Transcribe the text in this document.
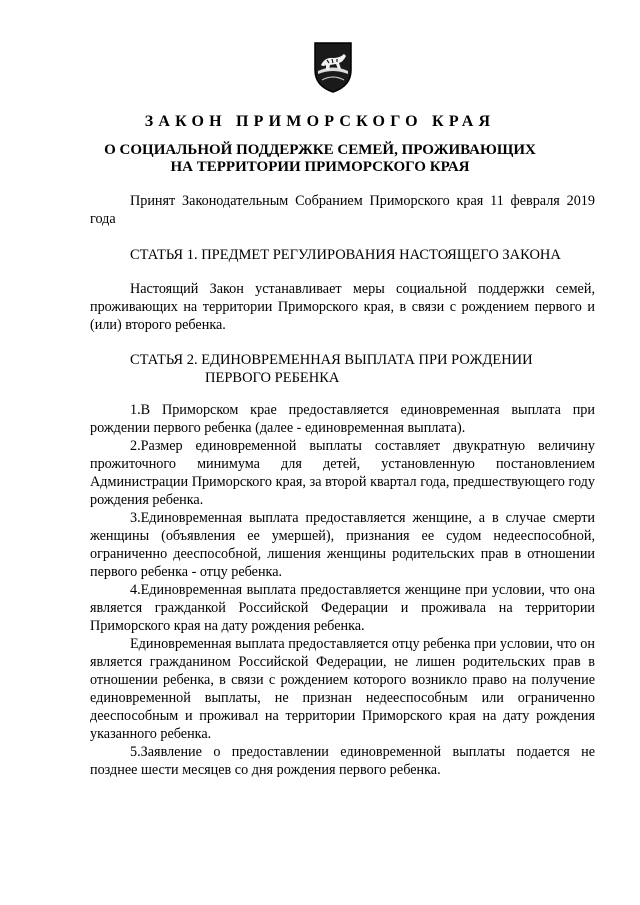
ЗАКОН ПРИМОРСКОГО КРАЯ
О СОЦИАЛЬНОЙ ПОДДЕРЖКЕ СЕМЕЙ, ПРОЖИВАЮЩИХ
НА ТЕРРИТОРИИ ПРИМОРСКОГО КРАЯ
Принят Законодательным Собранием Приморского края 11 февраля 2019 года
СТАТЬЯ 1. ПРЕДМЕТ РЕГУЛИРОВАНИЯ НАСТОЯЩЕГО ЗАКОНА

Настоящий Закон устанавливает меры социальной поддержки семей, проживающих на территории Приморского края, в связи с рождением первого и (или) второго ребенка.

СТАТЬЯ 2. ЕДИНОВРЕМЕННАЯ ВЫПЛАТА ПРИ РОЖДЕНИИ
ПЕРВОГО РЕБЕНКА

1.В Приморском крае предоставляется единовременная выплата при рождении первого ребенка (далее - единовременная выплата).

2.Размер единовременной выплаты составляет двукратную величину прожиточного минимума для детей, установленную постановлением Администрации Приморского края, за второй квартал года, предшествующего году рождения ребенка.

3.Единовременная выплата предоставляется женщине, а в случае смерти женщины (объявления ее умершей), признания ее судом недееспособной, ограниченно дееспособной, лишения женщины родительских прав в отношении первого ребенка - отцу ребенка.

4.Единовременная выплата предоставляется женщине при условии, что она является гражданкой Российской Федерации и проживала на территории Приморского края на дату рождения ребенка.

Единовременная выплата предоставляется отцу ребенка при условии, что он является гражданином Российской Федерации, не лишен родительских прав в отношении ребенка, в связи с рождением которого возникло право на получение единовременной выплаты, не признан недееспособным или ограниченно дееспособным и проживал на территории Приморского края на дату рождения указанного ребенка.

5.Заявление о предоставлении единовременной выплаты подается не позднее шести месяцев со дня рождения первого ребенка.
